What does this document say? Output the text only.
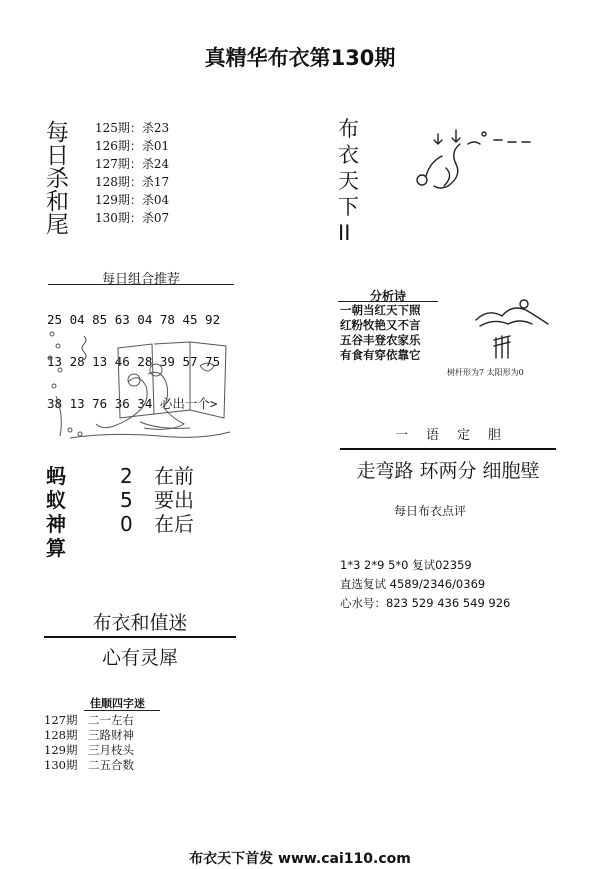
真精华布衣第130期
每
日
杀
和
尾
125期：杀23
126期：杀01
127期：杀24
128期：杀17
129期：杀04
130期：杀07
每日组合推荐

25 04 85 63 04 78 45 92

13 28 13 46 28 39 57 75

38 13 76 36 34 必出一个>

蚂
蚁
神
算
2	在前
5	要出
0	在后
布衣和值迷
心有灵犀
佳顺四字迷
127期 二一左右
128期 三路财神
129期 三月枝头
130期 二五合数
布
衣
天
下
II
分析诗
一朝当红天下照
红粉牧艳又不言
五谷丰登农家乐
有食有穿依靠它
树杆形为7 太阳形为0
一语定胆
走弯路 环两分 细胞壁
每日布衣点评
1*3 2*9 5*0 复试02359
直选复试 4589/2346/0369
心水号：823 529 436 549 926
布衣天下首发 www.cai110.com
